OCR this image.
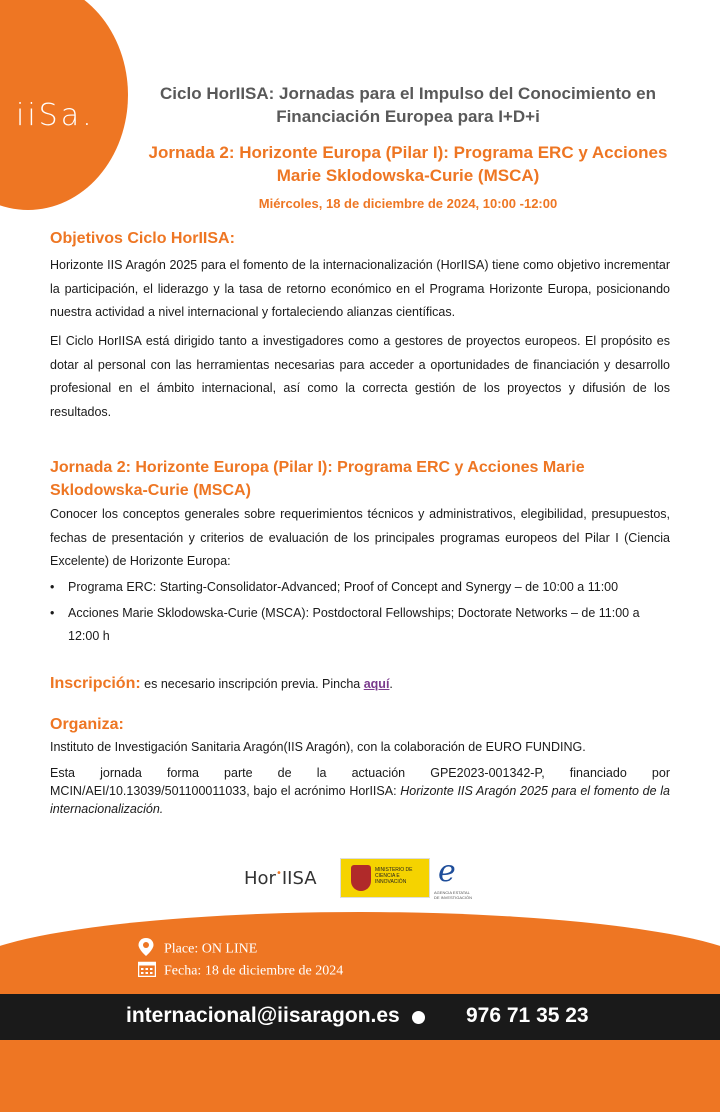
iiSa.
Ciclo HorIISA: Jornadas para el Impulso del Conocimiento en Financiación Europea para I+D+i
Jornada 2: Horizonte Europa (Pilar I): Programa ERC y Acciones Marie Sklodowska-Curie (MSCA)
Miércoles, 18 de diciembre de 2024, 10:00 -12:00
Objetivos Ciclo HorIISA:
Horizonte IIS Aragón 2025 para el fomento de la internacionalización (HorIISA) tiene como objetivo incrementar la participación, el liderazgo y la tasa de retorno económico en el Programa Horizonte Europa, posicionando nuestra actividad a nivel internacional y fortaleciendo alianzas científicas.
El Ciclo HorIISA está dirigido tanto a investigadores como a gestores de proyectos europeos. El propósito es dotar al personal con las herramientas necesarias para acceder a oportunidades de financiación y desarrollo profesional en el ámbito internacional, así como la correcta gestión de los proyectos y difusión de los resultados.
Jornada 2: Horizonte Europa (Pilar I): Programa ERC y Acciones Marie Sklodowska-Curie (MSCA)
Conocer los conceptos generales sobre requerimientos técnicos y administrativos, elegibilidad, presupuestos, fechas de presentación y criterios de evaluación de los principales programas europeos del Pilar I (Ciencia Excelente) de Horizonte Europa:
• Programa ERC: Starting-Consolidator-Advanced; Proof of Concept and Synergy – de 10:00 a 11:00
• Acciones Marie Sklodowska-Curie (MSCA): Postdoctoral Fellowships; Doctorate Networks – de 11:00 a 12:00 h
Inscripción: es necesario inscripción previa. Pincha aquí.
Organiza:
Instituto de Investigación Sanitaria Aragón(IIS Aragón), con la colaboración de EURO FUNDING.
Esta jornada forma parte de la actuación GPE2023-001342-P, financiado por MCIN/AEI/10.13039/501100011033, bajo el acrónimo HorIISA: Horizonte IIS Aragón 2025 para el fomento de la internacionalización.
Hor•IISA	MINISTERIO DE CIENCIA E INNOVACIÓN	e
AGENCIA ESTATAL DE INVESTIGACIÓN
Place: ON LINE
Fecha: 18 de diciembre de 2024
internacional@iisaragon.es	976 71 35 23
